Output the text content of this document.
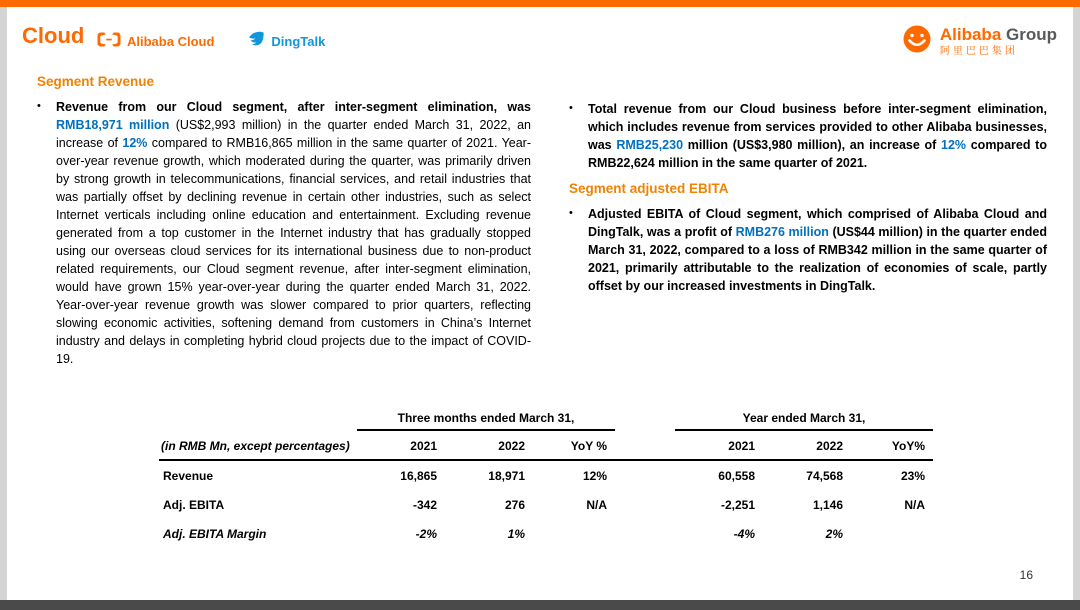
Cloud	Alibaba Cloud	DingTalk	Alibaba Group
阿里巴巴集团
Segment Revenue
•	Revenue from our Cloud segment, after inter-segment elimination, was RMB18,971 million (US$2,993 million) in the quarter ended March 31, 2022, an increase of 12% compared to RMB16,865 million in the same quarter of 2021. Year-over-year revenue growth, which moderated during the quarter, was primarily driven by strong growth in telecommunications, financial services, and retail industries that was partially offset by declining revenue in certain other industries, such as select Internet verticals including online education and entertainment. Excluding revenue generated from a top customer in the Internet industry that has gradually stopped using our overseas cloud services for its international business due to non-product related requirements, our Cloud segment revenue, after inter-segment elimination, would have grown 15% year-over-year during the quarter ended March 31, 2022. Year-over-year revenue growth was slower compared to prior quarters, reflecting slowing economic activities, softening demand from customers in China’s Internet industry and delays in completing hybrid cloud projects due to the impact of COVID-19.

•	Total revenue from our Cloud business before inter-segment elimination, which includes revenue from services provided to other Alibaba businesses, was RMB25,230 million (US$3,980 million), an increase of 12% compared to RMB22,624 million in the same quarter of 2021.

Segment adjusted EBITA
•	Adjusted EBITA of Cloud segment, which comprised of Alibaba Cloud and DingTalk, was a profit of RMB276 million (US$44 million) in the quarter ended March 31, 2022, compared to a loss of RMB342 million in the same quarter of 2021, primarily attributable to the realization of economies of scale, partly offset by our increased investments in DingTalk.

	Three months ended March 31,				Year ended March 31,		
(in RMB Mn, except percentages)	2021	2022	YoY %		2021	2022	YoY%
Revenue	16,865	18,971	12%		60,558	74,568	23%
Adj. EBITA	-342	276	N/A		-2,251	1,146	N/A
Adj. EBITA Margin	-2%	1%			-4%	2%	
16
